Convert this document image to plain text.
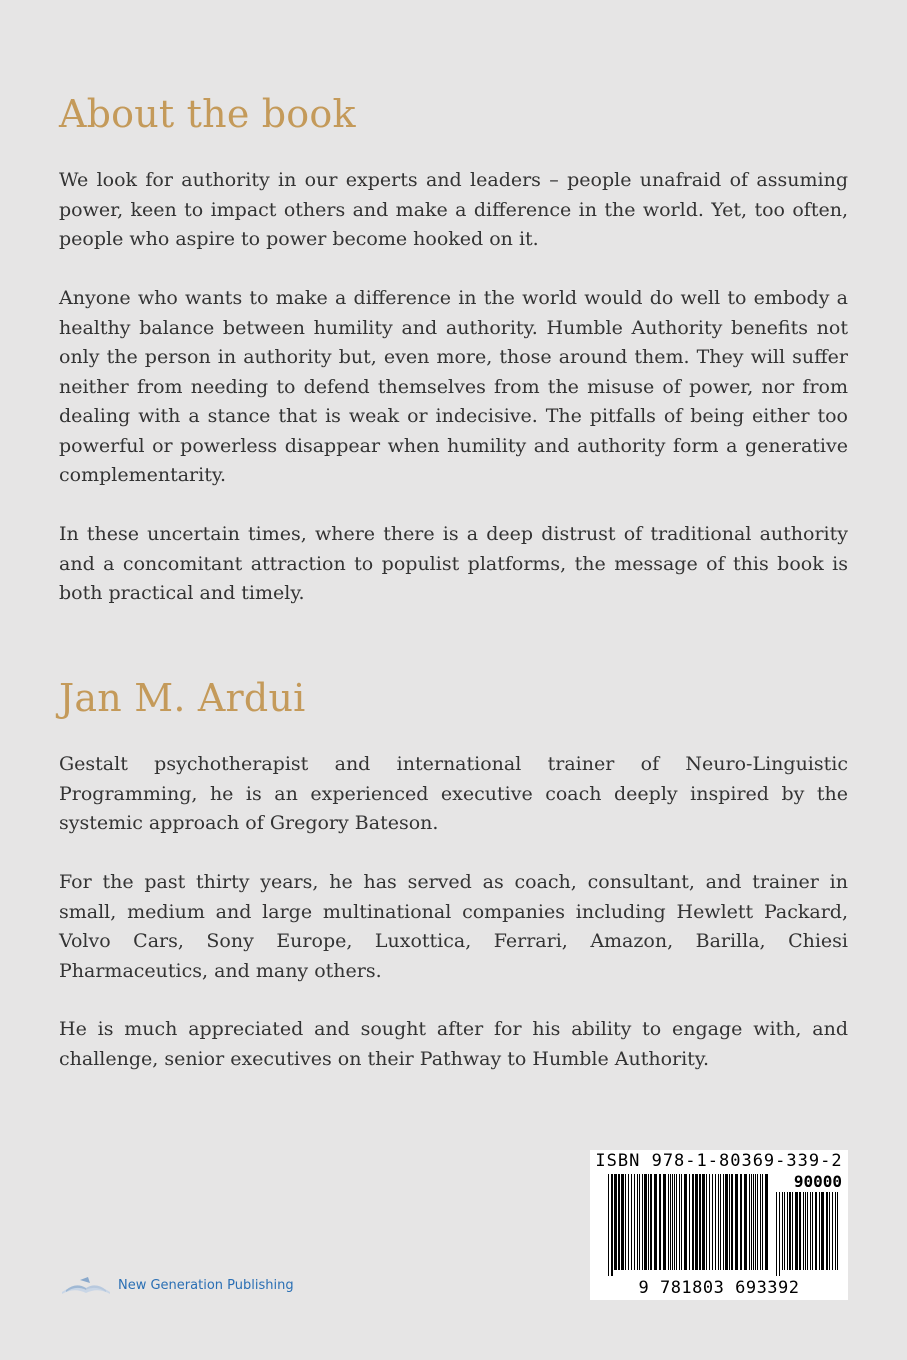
About the book

We look for authority in our experts and leaders – people unafraid of assuming power, keen to impact others and make a difference in the world. Yet, too often, people who aspire to power become hooked on it.

Anyone who wants to make a difference in the world would do well to embody a healthy balance between humility and authority. Humble Authority benefits not only the person in authority but, even more, those around them. They will suffer neither from needing to defend themselves from the misuse of power, nor from dealing with a stance that is weak or indecisive. The pitfalls of being either too powerful or powerless disappear when humility and authority form a generative complementarity.

In these uncertain times, where there is a deep distrust of traditional authority and a concomitant attraction to populist platforms, the message of this book is both practical and timely.

Jan M. Ardui

Gestalt psychotherapist and international trainer of Neuro-Linguistic Programming, he is an experienced executive coach deeply inspired by the systemic approach of Gregory Bateson.

For the past thirty years, he has served as coach, consultant, and trainer in small, medium and large multinational companies including Hewlett Packard, Volvo Cars, Sony Europe, Luxottica, Ferrari, Amazon, Barilla, Chiesi Pharmaceutics, and many others.

He is much appreciated and sought after for his ability to engage with, and challenge, senior executives on their Pathway to Humble Authority.

ISBN 978-1-80369-339-2
90000
9 781803 693392
New Generation Publishing
